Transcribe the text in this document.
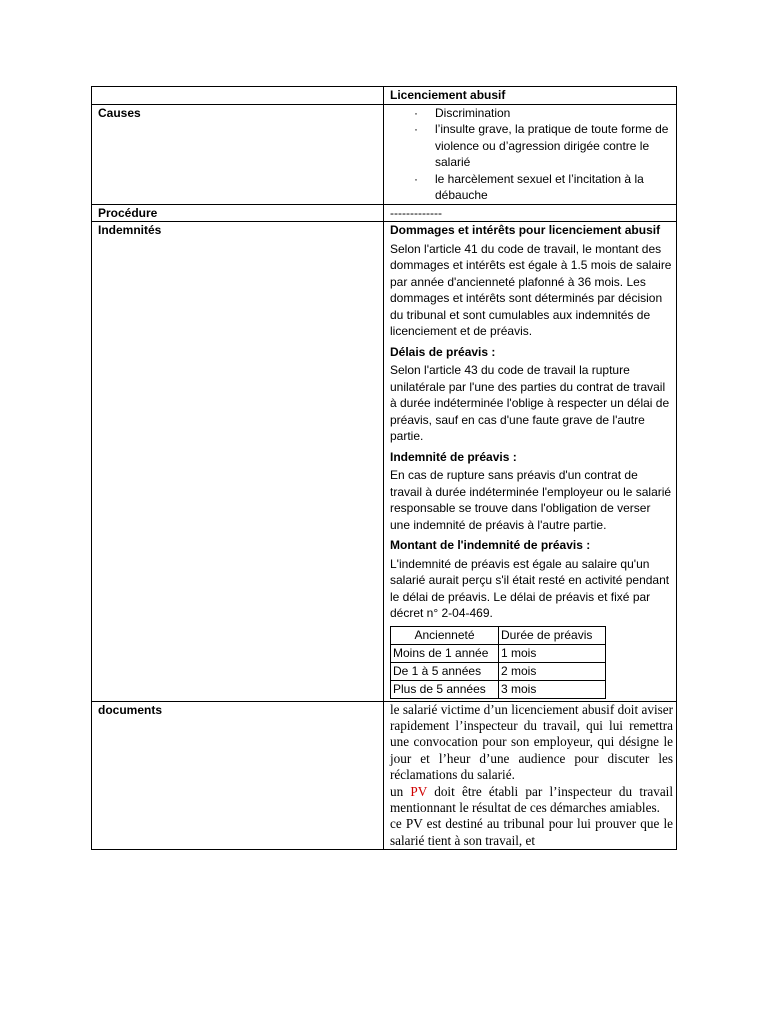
	Licenciement abusif
Causes	· Discrimination
· l’insulte grave, la pratique de toute forme de violence ou d’agression dirigée contre le salarié
· le harcèlement sexuel et l’incitation à la débauche

Procédure	-------------
Indemnités	Dommages et intérêts pour licenciement abusif
Selon l'article 41 du code de travail, le montant des dommages et intérêts est égale à 1.5 mois de salaire par année d'ancienneté plafonné à 36 mois. Les dommages et intérêts sont déterminés par décision du tribunal et sont cumulables aux indemnités de licenciement et de préavis.
Délais de préavis :
Selon l'article 43 du code de travail la rupture unilatérale par l'une des parties du contrat de travail à durée indéterminée l'oblige à respecter un délai de préavis, sauf en cas d'une faute grave de l'autre partie.
Indemnité de préavis :
En cas de rupture sans préavis d'un contrat de travail à durée indéterminée l'employeur ou le salarié responsable se trouve dans l'obligation de verser une indemnité de préavis à l'autre partie.
Montant de l'indemnité de préavis :
L'indemnité de préavis est égale au salaire qu'un salarié aurait perçu s'il était resté en activité pendant le délai de préavis. Le délai de préavis et fixé par décret n° 2-04-469.
Ancienneté	Durée de préavis
Moins de 1 année	1 mois
De 1 à 5 années	2 mois
Plus de 5 années	3 mois

documents	le salarié victime d’un licenciement abusif doit aviser rapidement l’inspecteur du travail, qui lui remettra une convocation pour son employeur, qui désigne le jour et l’heur d’une audience pour discuter les réclamations du salarié.

un PV doit être établi par l’inspecteur du travail mentionnant le résultat de ces démarches amiables.

ce PV est destiné au tribunal pour lui prouver que le salarié tient à son travail, et
